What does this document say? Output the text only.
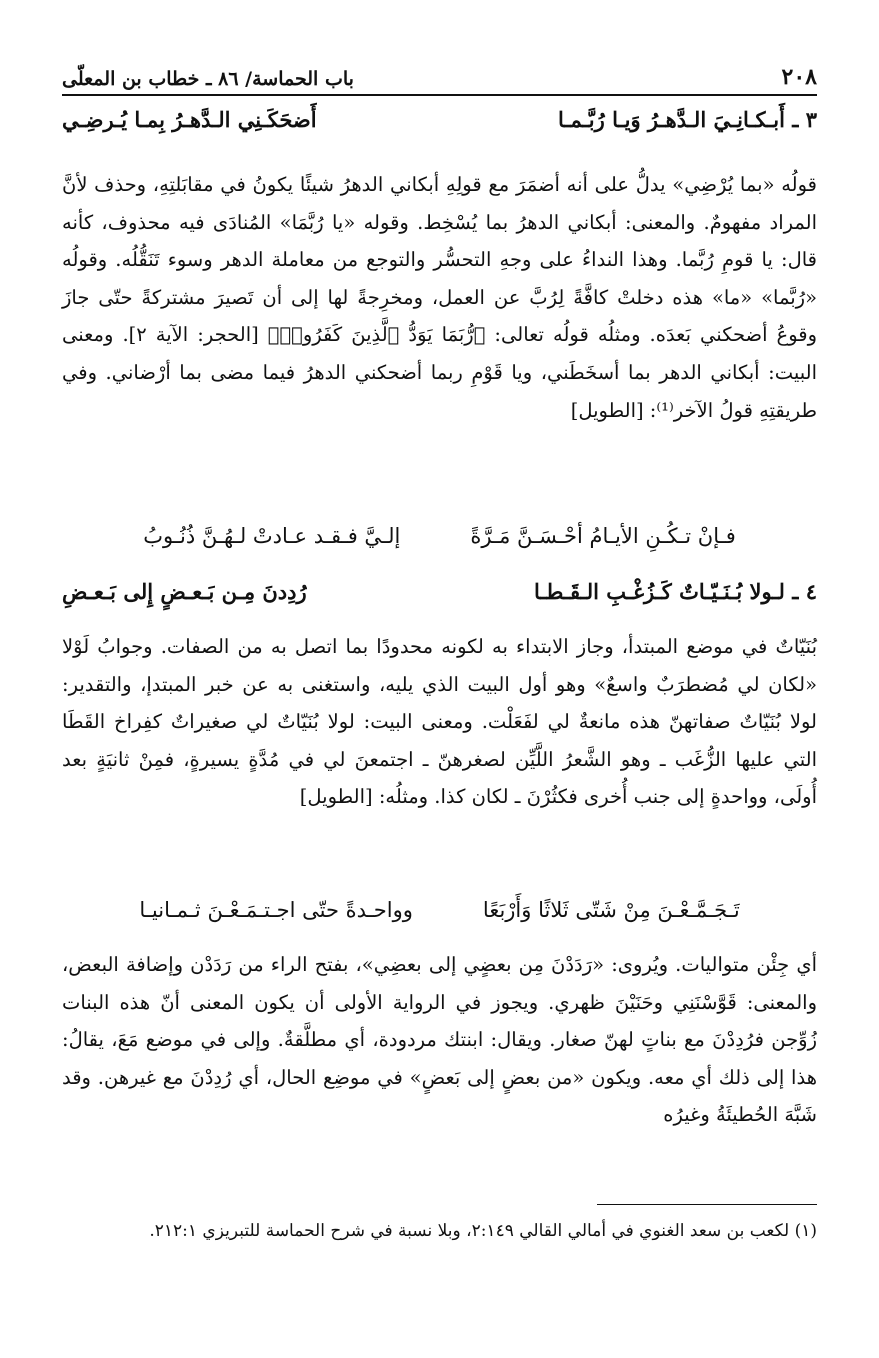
٢٠٨
باب الحماسة/ ٨٦ ـ خطاب بن المعلّى
٣ ـ أَبـكـانِـيَ الـدَّهـرُ وَيـا رُبَّـمـا
أَضحَكَـنِي الـدَّهـرُ بِمـا يُـرضِـي

قولُه «بما يُرْضِي» يدلُّ على أنه أضمَرَ مع قولِهِ أبكاني الدهرُ شيئًا يكونُ في مقابَلتِهِ، وحذف لأنَّ المراد مفهومٌ. والمعنى: أبكاني الدهرُ بما يُسْخِط. وقوله «يا رُبَّمَا» المُنادَى فيه محذوف، كأنه قال: يا قومِ رُبَّما. وهذا النداءُ على وجهِ التحسُّر والتوجع من معاملة الدهر وسوء تَنَقُّلُه. وقولُه «رُبَّما» «ما» هذه دخلتْ كافَّةً لِرُبَّ عن العمل، ومخرِجةً لها إلى أن تَصيرَ مشتركةً حتّى جازَ وقوعُ أضحكني بَعدَه. ومثلُه قولُه تعالى: ﴿رُّبَمَا يَوَدُّ ٱلَّذِينَ كَفَرُوا۟﴾ [الحجر: الآية ٢]. ومعنى البيت: أبكاني الدهر بما أسخَطَني، ويا قَوْمِ ربما أضحكني الدهرُ فيما مضى بما أرْضاني. وفي طريقتِهِ قولُ الآخر⁽¹⁾: [الطويل]

فـإنْ تـكُـنِ الأيـامُ أحْـسَـنَّ مَـرَّةً
إلـيَّ فـقـد عـادتْ لـهُـنَّ ذُنُـوبُ
٤ ـ لـولا بُـنَـيّـاتٌ كَـزُغْـبِ الـقَـطـا
رُدِدنَ مِـن بَـعـضٍ إِلى بَـعـضِ

بُنَيّاتٌ في موضع المبتدأ، وجاز الابتداء به لكونه محدودًا بما اتصل به من الصفات. وجوابُ لَوْلا «لكان لي مُضطرَبٌ واسعٌ» وهو أول البيت الذي يليه، واستغنى به عن خبر المبتدإ، والتقدير: لولا بُنَيّاتٌ صفاتهنّ هذه مانعةٌ لي لفَعَلْت. ومعنى البيت: لولا بُنَيّاتٌ لي صغيراتٌ كفِراخ القَطَا التي عليها الزُّغَب ـ وهو الشَّعرُ اللَّيِّن لصغرهنّ ـ اجتمعنَ لي في مُدَّةٍ يسيرةٍ، فمِنْ ثانيَةٍ بعد أُولَى، وواحدةٍ إلى جنب أُخرى فكثُرْنَ ـ لكان كذا. ومثلُه: [الطويل]

تَـجَـمَّـعْـنَ مِنْ شَتّى ثَلاثًا وَأَرْبَعًا
وواحـدةً حتّى اجـتـمَـعْـنَ ثـمـانيـا

أي جِئْن متواليات. ويُروى: «رَدَدْنَ مِن بعضٍي إلى بعضِي»، بفتح الراء من رَدَدْن وإضافة البعض، والمعنى: قَوَّسْنَنِي وحَنَيْنَ ظهري. ويجوز في الرواية الأولى أن يكون المعنى أنّ هذه البنات زُوِّجن فرُدِدْنَ مع بناتٍ لهنّ صغار. ويقال: ابنتك مردودة، أي مطلَّقةٌ. وإلى في موضع مَعَ، يقالُ: هذا إلى ذلك أي معه. ويكون «من بعضٍ إلى بَعضٍ» في موضِع الحال، أي رُدِدْنَ مع غيرهن. وقد شَبَّهَ الحُطيئَةُ وغيرُه

(١) لكعب بن سعد الغنوي في أمالي القالي ٢:١٤٩، وبلا نسبة في شرح الحماسة للتبريزي ٢١٢:١.
